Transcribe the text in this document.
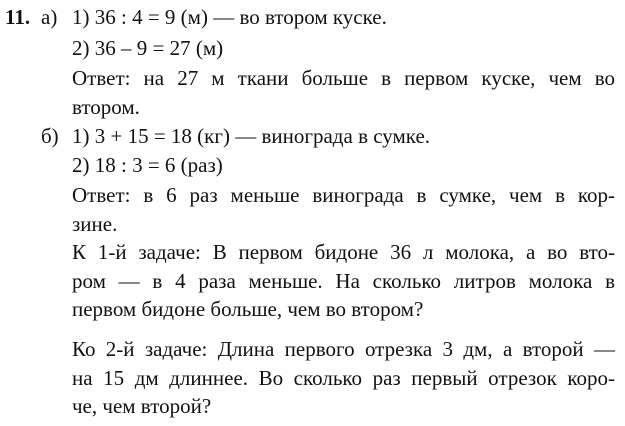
11. а) 1) 36 : 4 = 9 (м) — во втором куске.
2) 36 – 9 = 27 (м)
Ответ: на 27 м ткани больше в первом куске, чем во
втором.
б) 1) 3 + 15 = 18 (кг) — винограда в сумке.
2) 18 : 3 = 6 (раз)
Ответ: в 6 раз меньше винограда в сумке, чем в кор-
зине.
К 1-й задаче: В первом бидоне 36 л молока, а во вто-
ром — в 4 раза меньше. На сколько литров молока в
первом бидоне больше, чем во втором?
Ко 2-й задаче: Длина первого отрезка 3 дм, а второй —
на 15 дм длиннее. Во сколько раз первый отрезок коро-
че, чем второй?
